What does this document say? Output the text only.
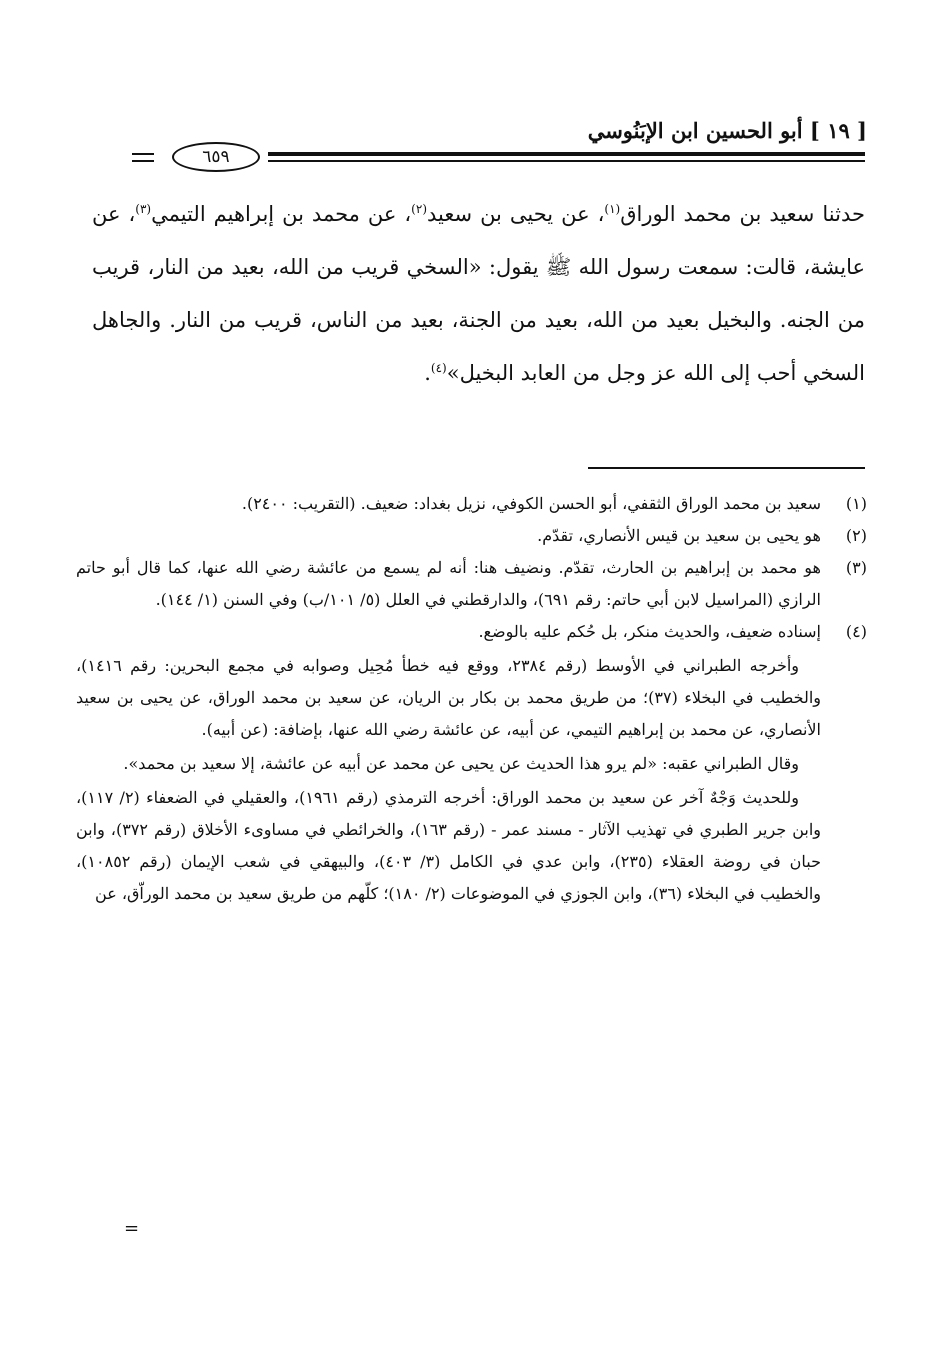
[ ١٩ ] أبو الحسين ابن الإبَنُوسي
٦٥٩
حدثنا سعيد بن محمد الوراق$^{(١)}$، عن يحيى بن سعيد$^{(٢)}$، عن محمد بن إبراهيم التيمي$^{(٣)}$، عن عايشة، قالت: سمعت رسول الله ﷺ يقول: «السخي قريب من الله، بعيد من النار، قريب من الجنه. والبخيل بعيد من الله، بعيد من الجنة، بعيد من الناس، قريب من النار. والجاهل السخي أحب إلى الله عز وجل من العابد البخيل»$^{(٤)}$.
(١)
سعيد بن محمد الوراق الثقفي، أبو الحسن الكوفي، نزيل بغداد: ضعيف. (التقريب: ٢٤٠٠).
(٢)
هو يحيى بن سعيد بن قيس الأنصاري، تقدّم.
(٣)
هو محمد بن إبراهيم بن الحارث، تقدّم. ونضيف هنا: أنه لم يسمع من عائشة رضي الله عنها، كما قال أبو حاتم الرازي (المراسيل لابن أبي حاتم: رقم ٦٩١)، والدارقطني في العلل (٥/ ١٠١/ب) وفي السنن (١/ ١٤٤).
(٤)
إسناده ضعيف، والحديث منكر، بل حُكم عليه بالوضع.
وأخرجه الطبراني في الأوسط (رقم ٢٣٨٤، ووقع فيه خطأ مُحِيل وصوابه في مجمع البحرين: رقم ١٤١٦)، والخطيب في البخلاء (٣٧)؛ من طريق محمد بن بكار بن الريان، عن سعيد بن محمد الوراق، عن يحيى بن سعيد الأنصاري، عن محمد بن إبراهيم التيمي، عن أبيه، عن عائشة رضي الله عنها، بإضافة: (عن أبيه).
وقال الطبراني عقبه: «لم يرو هذا الحديث عن يحيى عن محمد عن أبيه عن عائشة، إلا سعيد بن محمد».
وللحديث وَجْهٌ آخر عن سعيد بن محمد الوراق: أخرجه الترمذي (رقم ١٩٦١)، والعقيلي في الضعفاء (٢/ ١١٧)، وابن جرير الطبري في تهذيب الآثار - مسند عمر - (رقم ١٦٣)، والخرائطي في مساوىء الأخلاق (رقم ٣٧٢)، وابن حبان في روضة العقلاء (٢٣٥)، وابن عدي في الكامل (٣/ ٤٠٣)، والبيهقي في شعب الإيمان (رقم ١٠٨٥٢)، والخطيب في البخلاء (٣٦)، وابن الجوزي في الموضوعات (٢/ ١٨٠)؛ كلّهم من طريق سعيد بن محمد الوراّق، عن
=
